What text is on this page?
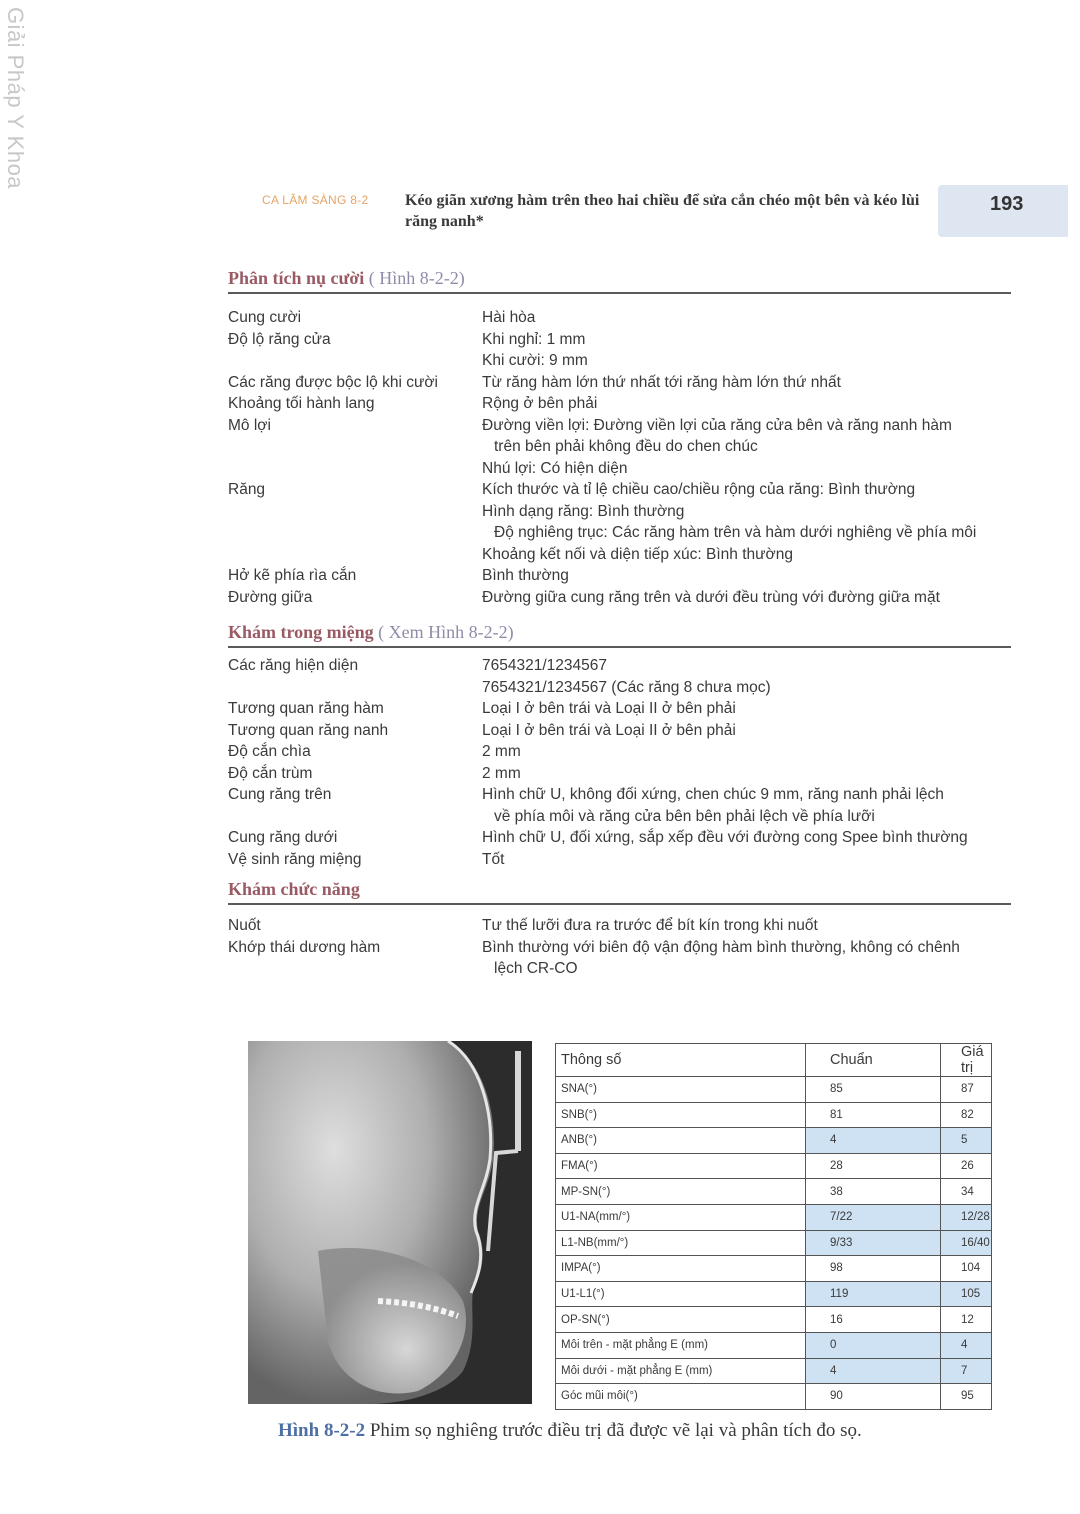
Giải Pháp Y Khoa
CA LÂM SÀNG 8-2 Kéo giãn xương hàm trên theo hai chiều để sửa cắn chéo một bên và kéo lùi răng nanh*
193
Phân tích nụ cười ( Hình 8-2-2)
Cung cười	Hài hòa
Độ lộ răng cửa	Khi nghỉ: 1 mm
Khi cười: 9 mm
Các răng được bộc lộ khi cười	Từ răng hàm lớn thứ nhất tới răng hàm lớn thứ nhất
Khoảng tối hành lang	Rộng ở bên phải
Mô lợi	Đường viền lợi: Đường viền lợi của răng cửa bên và răng nanh hàm
trên bên phải không đều do chen chúc
Nhú lợi: Có hiện diện
Răng	Kích thước và tỉ lệ chiều cao/chiều rộng của răng: Bình thường
Hình dạng răng: Bình thường
Độ nghiêng trục: Các răng hàm trên và hàm dưới nghiêng về phía môi
Khoảng kết nối và diện tiếp xúc: Bình thường
Hở kẽ phía rìa cắn	Bình thường
Đường giữa	Đường giữa cung răng trên và dưới đều trùng với đường giữa mặt
Khám trong miệng ( Xem Hình 8-2-2)
Các răng hiện diện	7654321/1234567
7654321/1234567 (Các răng 8 chưa mọc)
Tương quan răng hàm	Loại I ở bên trái và Loại II ở bên phải
Tương quan răng nanh	Loại I ở bên trái và Loại II ở bên phải
Độ cắn chìa	2 mm
Độ cắn trùm	2 mm
Cung răng trên	Hình chữ U, không đối xứng, chen chúc 9 mm, răng nanh phải lệch
về phía môi và răng cửa bên bên phải lệch về phía lưỡi
Cung răng dưới	Hình chữ U, đối xứng, sắp xếp đều với đường cong Spee bình thường
Vệ sinh răng miệng	Tốt
Khám chức năng
Nuốt	Tư thế lưỡi đưa ra trước để bít kín trong khi nuốt
Khớp thái dương hàm	Bình thường với biên độ vận động hàm bình thường, không có chênh
lệch CR-CO
Thông số	Chuẩn	Giá trị
SNA(°)	85	87
SNB(°)	81	82
ANB(°)	4	5
FMA(°)	28	26
MP-SN(°)	38	34
U1-NA(mm/°)	7/22	12/28
L1-NB(mm/°)	9/33	16/40
IMPA(°)	98	104
U1-L1(°)	119	105
OP-SN(°)	16	12
Môi trên - mặt phẳng E (mm)	0	4
Môi dưới - mặt phẳng E (mm)	4	7
Góc mũi môi(°)	90	95
Hình 8-2-2 Phim sọ nghiêng trước điều trị đã được vẽ lại và phân tích đo sọ.
